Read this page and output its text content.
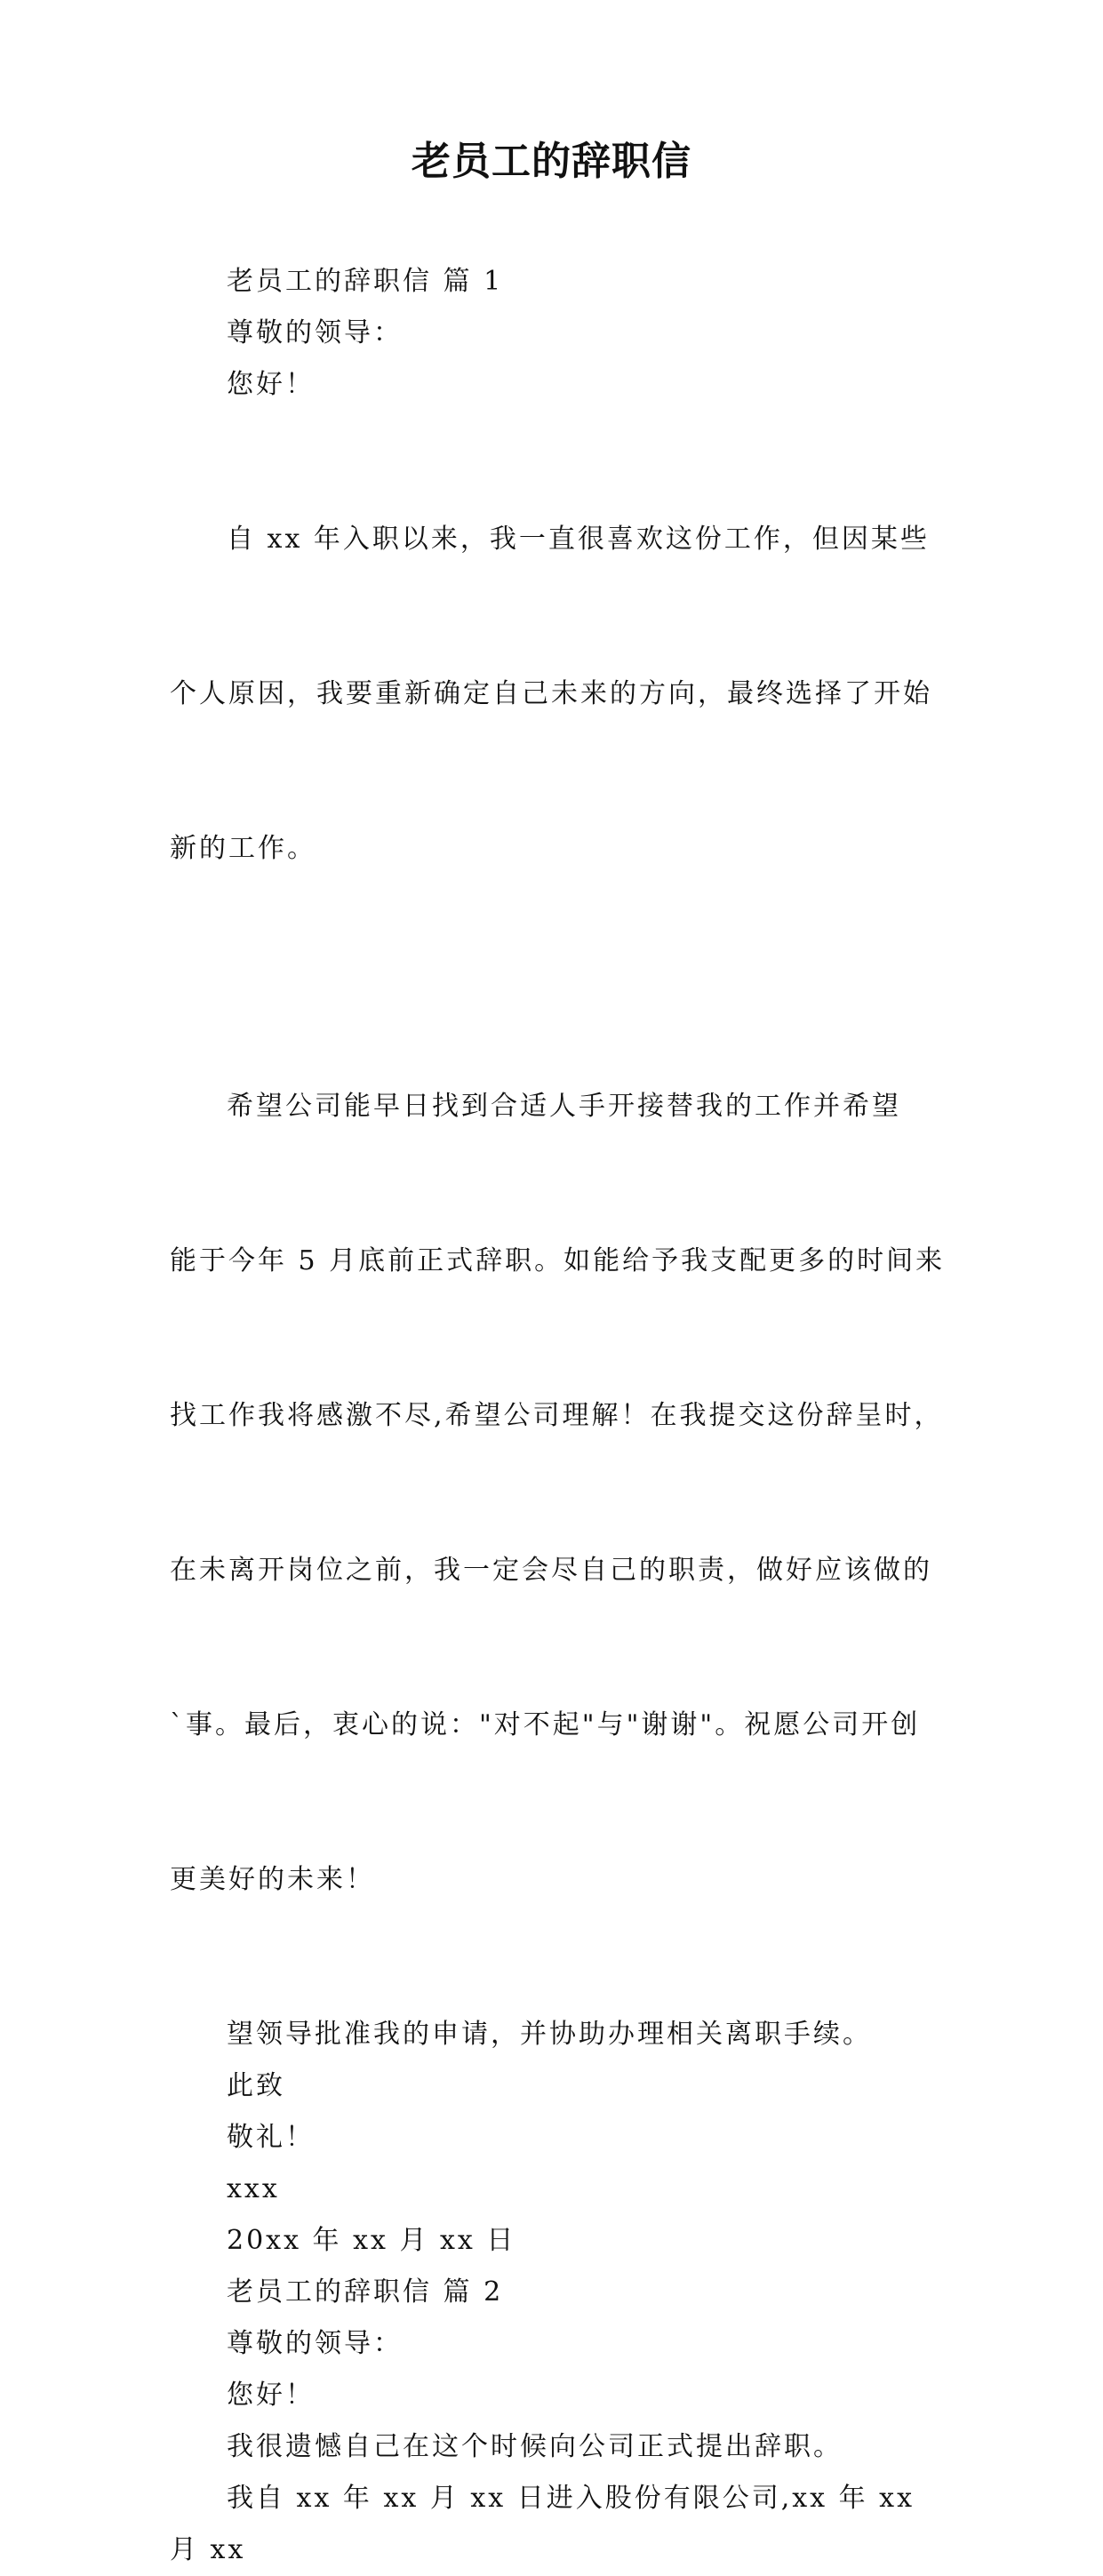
老员工的辞职信

老员工的辞职信 篇 1

尊敬的领导：

您好！

自 xx 年入职以来，我一直很喜欢这份工作，但因某些

个人原因，我要重新确定自己未来的方向，最终选择了开始

新的工作。

希望公司能早日找到合适人手开接替我的工作并希望

能于今年 5 月底前正式辞职。如能给予我支配更多的时间来

找工作我将感激不尽,希望公司理解！在我提交这份辞呈时，

在未离开岗位之前，我一定会尽自己的职责，做好应该做的

`事。最后，衷心的说："对不起"与"谢谢"。祝愿公司开创

更美好的未来！

望领导批准我的申请，并协助办理相关离职手续。

此致

敬礼！

xxx

20xx 年 xx 月 xx 日

老员工的辞职信 篇 2

尊敬的领导：

您好！

我很遗憾自己在这个时候向公司正式提出辞职。

我自 xx 年 xx 月 xx 日进入股份有限公司,xx 年 xx 月 xx
